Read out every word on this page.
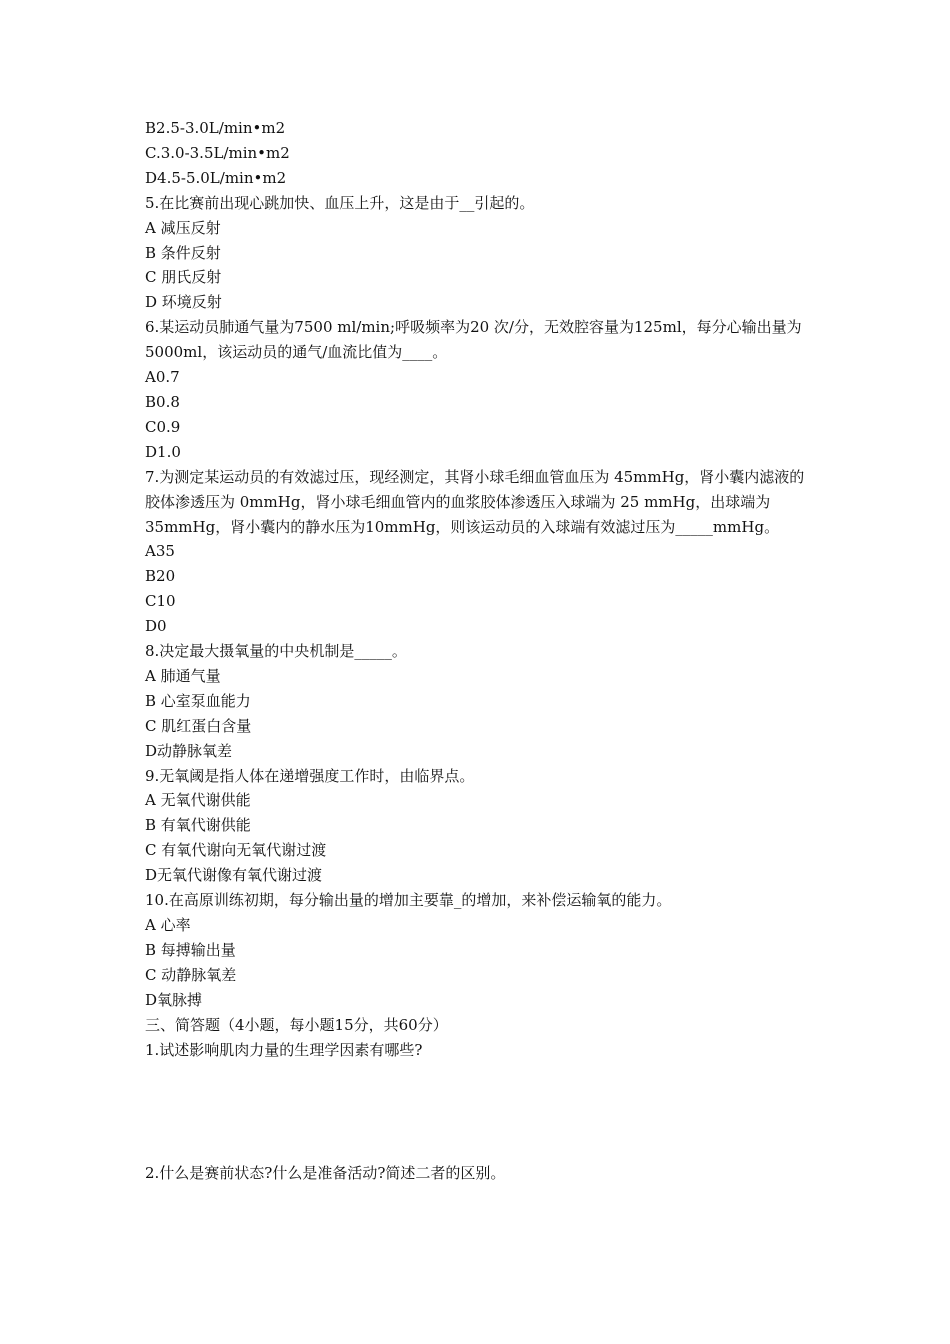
B2.5-3.0L/min•m2
C.3.0-3.5L/min•m2
D4.5-5.0L/min•m2
5.在比赛前出现心跳加快、血压上升，这是由于__引起的。
A 减压反射
B 条件反射
C 朋氏反射
D 环境反射
6.某运动员肺通气量为7500 ml/min;呼吸频率为20 次/分，无效腔容量为125ml，每分心输出量为 5000ml，该运动员的通气/血流比值为____。
A0.7
B0.8
C0.9
D1.0
7.为测定某运动员的有效滤过压，现经测定，其肾小球毛细血管血压为 45mmHg，肾小囊内滤液的胶体渗透压为 0mmHg，肾小球毛细血管内的血浆胶体渗透压入球端为 25 mmHg，出球端为 35mmHg，肾小囊内的静水压为10mmHg，则该运动员的入球端有效滤过压为_____mmHg。
A35
B20
C10
D0
8.决定最大摄氧量的中央机制是_____。
A 肺通气量
B 心室泵血能力
C 肌红蛋白含量
D动静脉氧差
9.无氧阈是指人体在递增强度工作时，由临界点。
A 无氧代谢供能
B 有氧代谢供能
C 有氧代谢向无氧代谢过渡
D无氧代谢像有氧代谢过渡
10.在高原训练初期，每分输出量的增加主要靠_的增加，来补偿运输氧的能力。
A 心率
B 每搏输出量
C 动静脉氧差
D氧脉搏
三、简答题（4小题，每小题15分，共60分）
1.试述影响肌肉力量的生理学因素有哪些?
2.什么是赛前状态?什么是准备活动?简述二者的区别。
